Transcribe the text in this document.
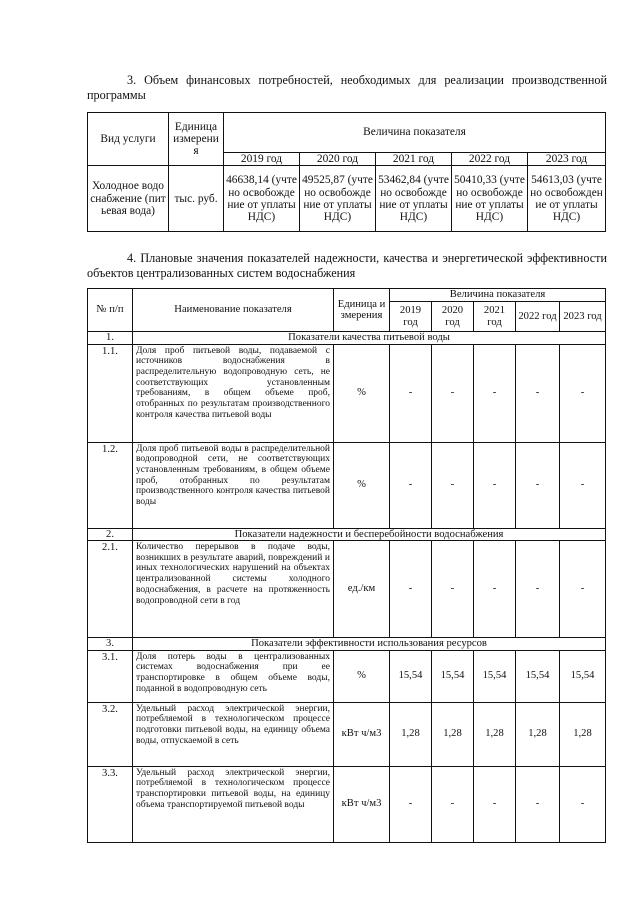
3. Объем финансовых потребностей, необходимых для реализации производственной программы
Вид услуги	Единица измерения	Величина показателя				
		2019 год	2020 год	2021 год	2022 год	2023 год
Холодное водоснабжение (питьевая вода)	тыс. руб.	46638,14 (учтено освобождение от уплаты НДС)	49525,87 (учтено освобождение от уплаты НДС)	53462,84 (учтено освобождение от уплаты НДС)	50410,33 (учтено освобождение от уплаты НДС)	54613,03 (учтено освобождение от уплаты НДС)
4. Плановые значения показателей надежности, качества и энергетической эффективности объектов централизованных систем водоснабжения
№ п/п	Наименование показателя	Единица измерения	Величина показателя				
			2019 год	2020 год	2021 год	2022 год	2023 год
1.	Показатели качества питьевой воды						
1.1.	Доля проб питьевой воды, подаваемой с источников водоснабжения в распределительную водопроводную сеть, не соответствующих установленным требованиям, в общем объеме проб, отобранных по результатам производственного контроля качества питьевой воды	%	-	-	-	-	-
1.2.	Доля проб питьевой воды в распределительной водопроводной сети, не соответствующих установленным требованиям, в общем объеме проб, отобранных по результатам производственного контроля качества питьевой воды	%	-	-	-	-	-
2.	Показатели надежности и бесперебойности водоснабжения						
2.1.	Количество перерывов в подаче воды, возникших в результате аварий, повреждений и иных технологических нарушений на объектах централизованной системы холодного водоснабжения, в расчете на протяженность водопроводной сети в год	ед./км	-	-	-	-	-
3.	Показатели эффективности использования ресурсов						
3.1.	Доля потерь воды в централизованных системах водоснабжения при ее транспортировке в общем объеме воды, поданной в водопроводную сеть	%	15,54	15,54	15,54	15,54	15,54
3.2.	Удельный расход электрической энергии, потребляемой в технологическом процессе подготовки питьевой воды, на единицу объема воды, отпускаемой в сеть	кВт ч/м3	1,28	1,28	1,28	1,28	1,28
3.3.	Удельный расход электрической энергии, потребляемой в технологическом процессе транспортировки питьевой воды, на единицу объема транспортируемой питьевой воды	кВт ч/м3	-	-	-	-	-
